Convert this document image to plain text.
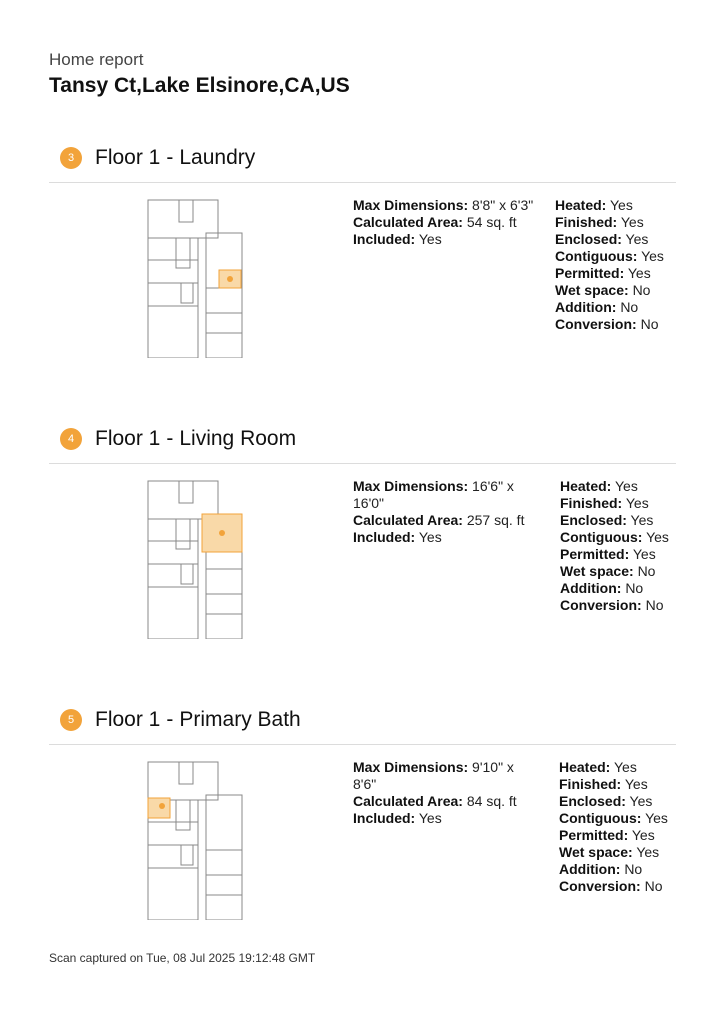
Home report
Tansy Ct,Lake Elsinore,CA,US
3 Floor 1 - Laundry
Max Dimensions: 8'8" x 6'3"
Calculated Area: 54 sq. ft
Included: Yes
Heated: Yes
Finished: Yes
Enclosed: Yes
Contiguous: Yes
Permitted: Yes
Wet space: No
Addition: No
Conversion: No
4 Floor 1 - Living Room
Max Dimensions: 16'6" x 16'0"
Calculated Area: 257 sq. ft
Included: Yes
Heated: Yes
Finished: Yes
Enclosed: Yes
Contiguous: Yes
Permitted: Yes
Wet space: No
Addition: No
Conversion: No
5 Floor 1 - Primary Bath
Max Dimensions: 9'10" x 8'6"
Calculated Area: 84 sq. ft
Included: Yes
Heated: Yes
Finished: Yes
Enclosed: Yes
Contiguous: Yes
Permitted: Yes
Wet space: Yes
Addition: No
Conversion: No
Scan captured on Tue, 08 Jul 2025 19:12:48 GMT
